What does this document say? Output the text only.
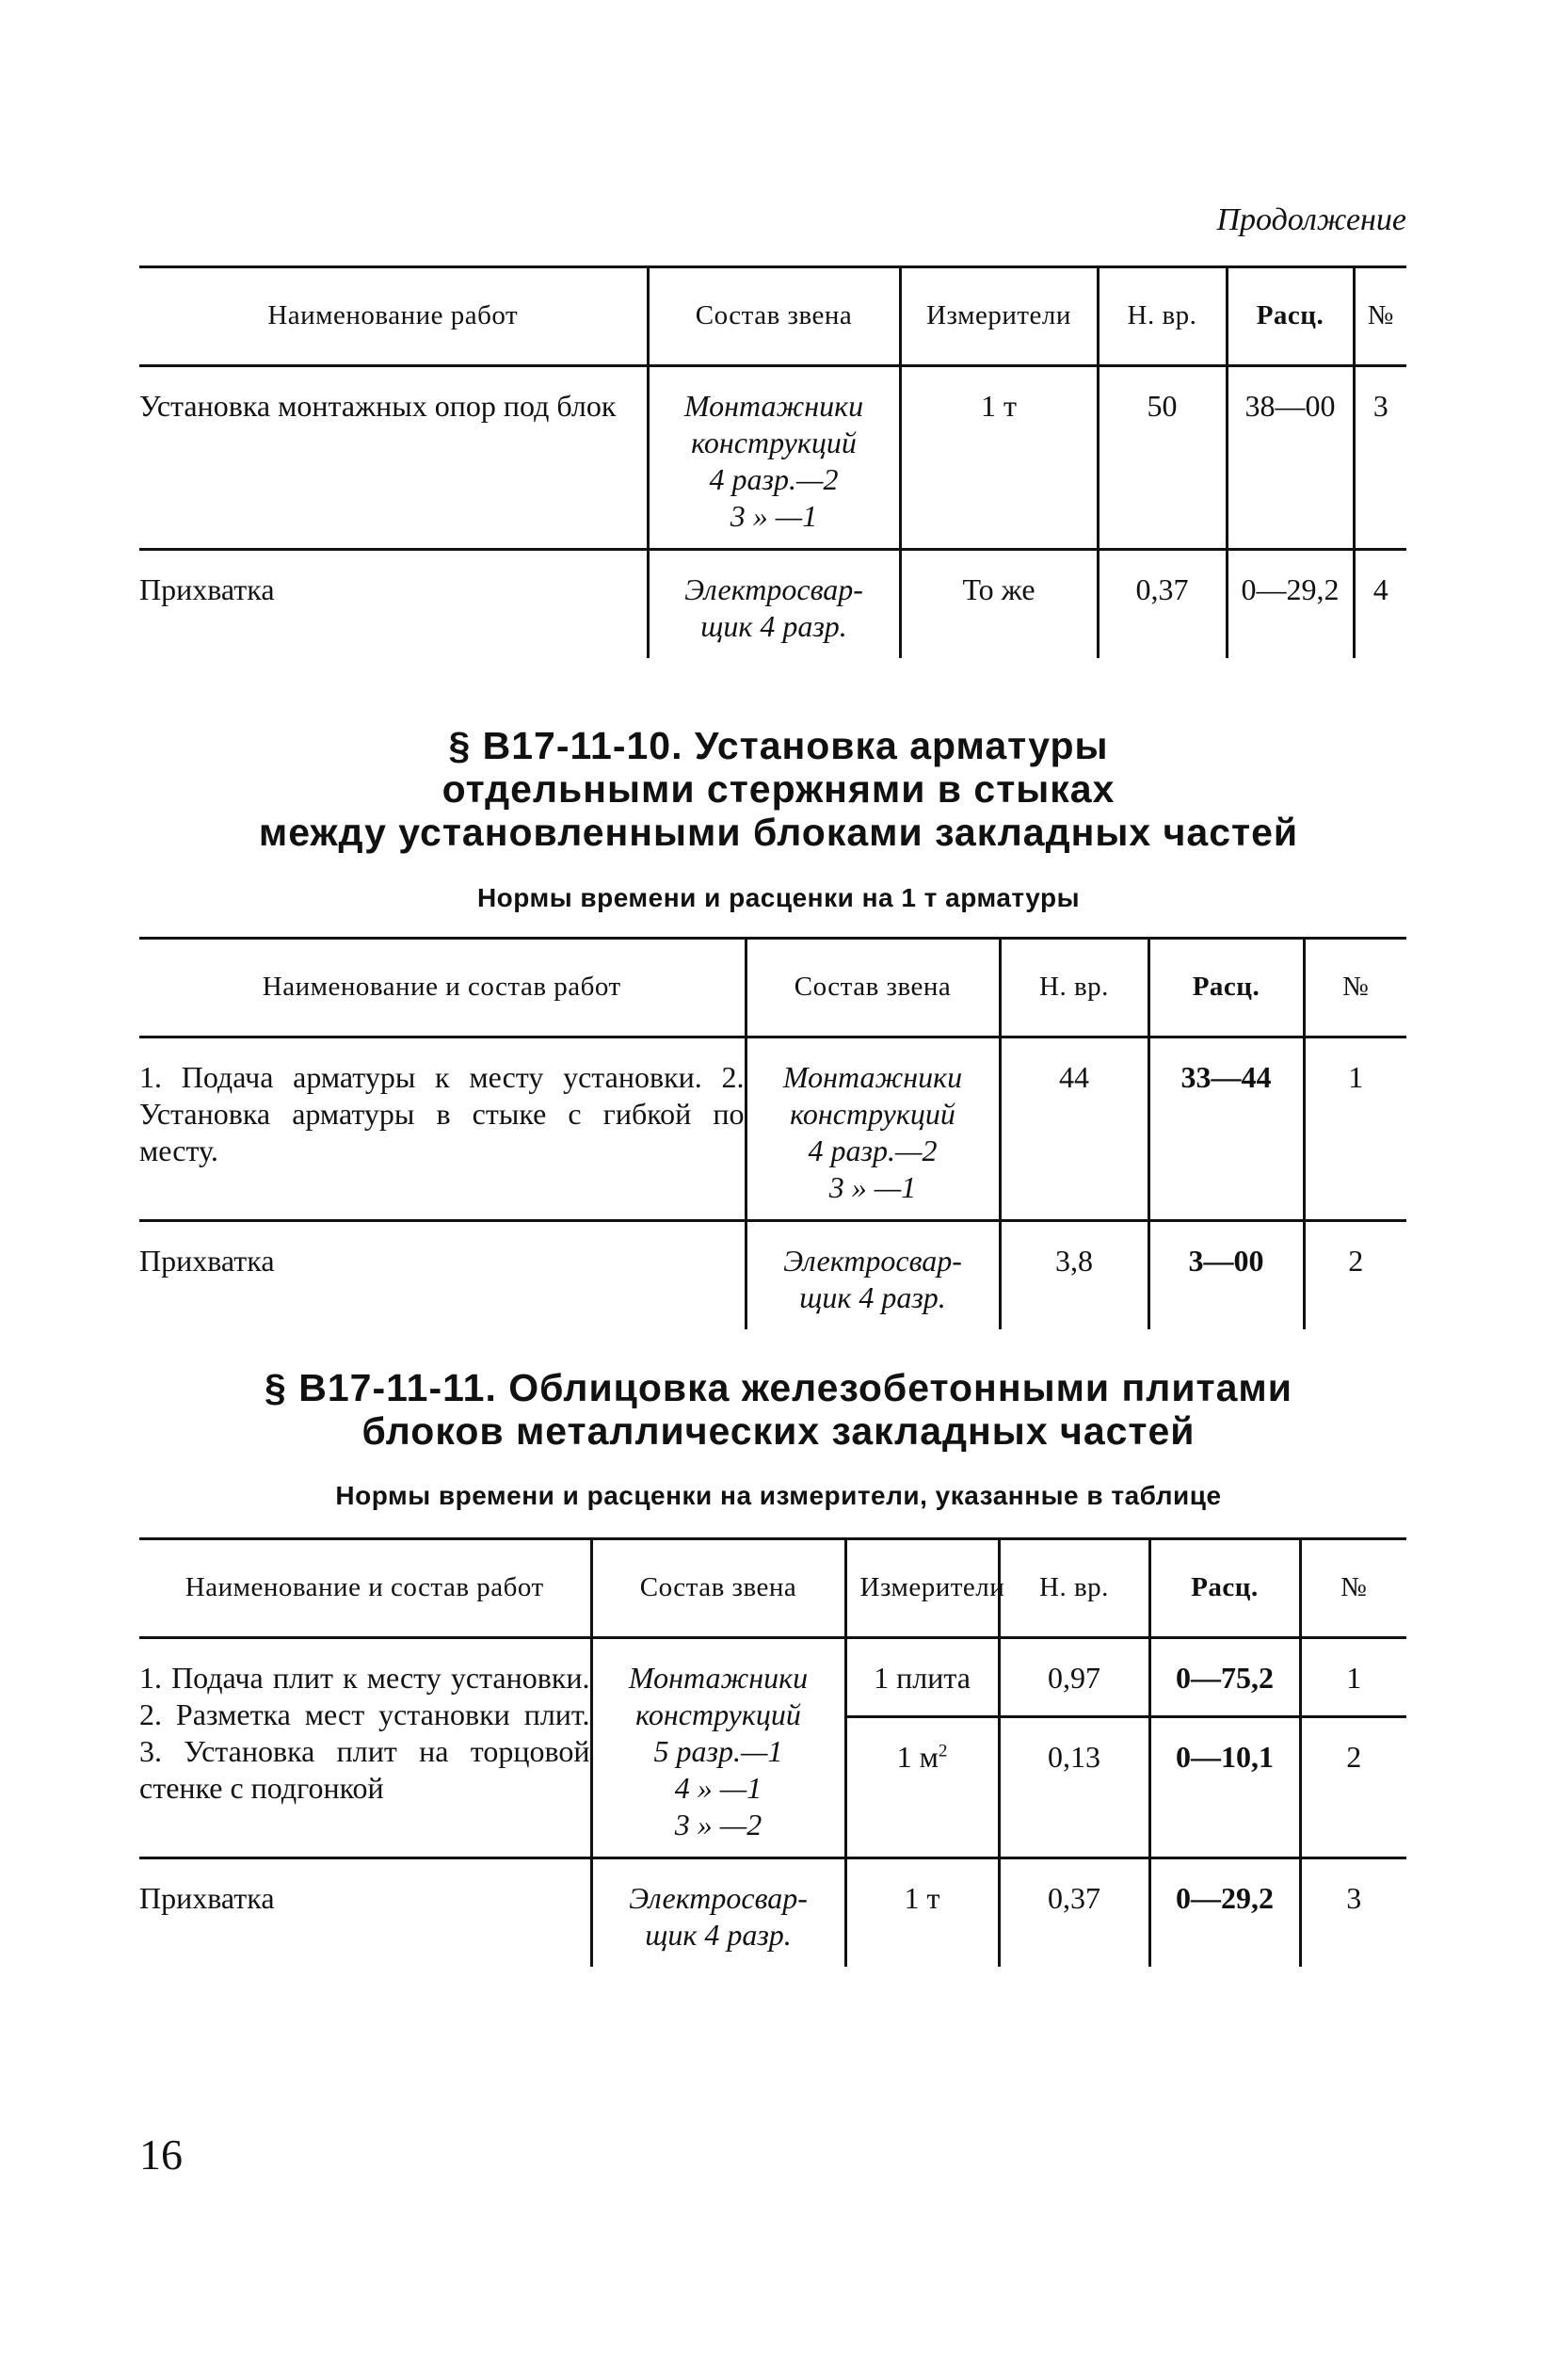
Продолжение
Наименование работ	Состав звена	Измерители	Н. вр.	Расц.	№
Установка монтажных опор под блок	Монтажники
конструкций
4 разр.—2
3 » —1	1 т	50	38—00	3
Прихватка	Электросвар-
щик 4 разр.	То же	0,37	0—29,2	4
§ В17-11-10. Установка арматуры
отдельными стержнями в стыках
между установленными блоками закладных частей
Нормы времени и расценки на 1 т арматуры
Наименование и состав работ	Состав звена	Н. вр.	Расц.	№
1. Подача арматуры к месту установки. 2. Установка арматуры в стыке с гибкой по месту.	Монтажники
конструкций
4 разр.—2
3 » —1	44	33—44	1
Прихватка	Электросвар-
щик 4 разр.	3,8	3—00	2
§ В17-11-11. Облицовка железобетонными плитами
блоков металлических закладных частей
Нормы времени и расценки на измерители, указанные в таблице
Наименование и состав работ	Состав звена	Измерители	Н. вр.	Расц.	№
1. Подача плит к месту установки. 2. Разметка мест установки плит. 3. Установка плит на торцовой стенке с подгонкой	Монтажники
конструкций
5 разр.—1
4 » —1
3 » —2	1 плита	0,97	0—75,2	1
		1 $м^2$	0,13	0—10,1	2
Прихватка	Электросвар-
щик 4 разр.	1 т	0,37	0—29,2	3
16
